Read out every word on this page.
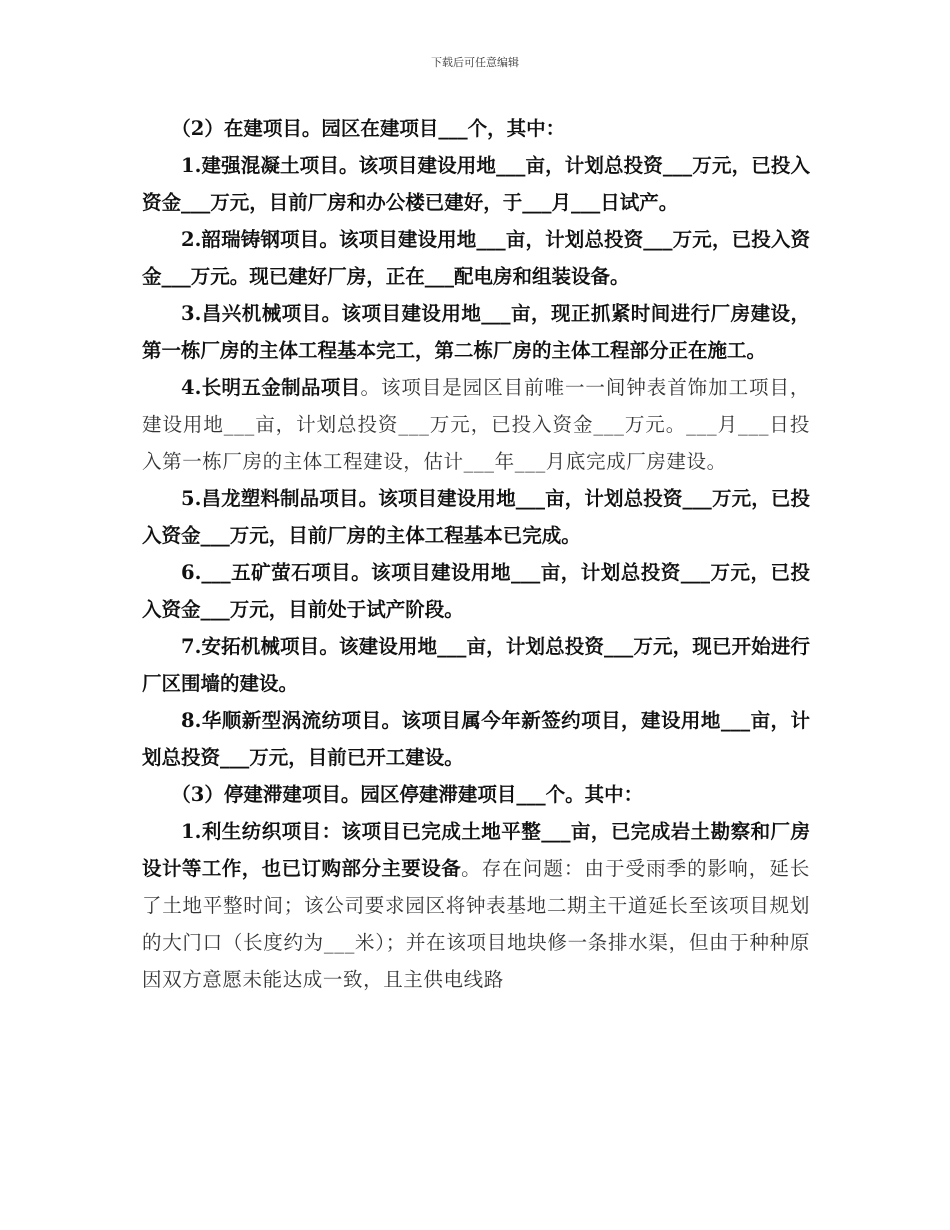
下载后可任意编辑

（2）在建项目。园区在建项目___个，其中：

1.建强混凝土项目。该项目建设用地___亩，计划总投资___万元，已投入资金___万元，目前厂房和办公楼已建好，于___月___日试产。

2.韶瑞铸钢项目。该项目建设用地___亩，计划总投资___万元，已投入资金___万元。现已建好厂房，正在___配电房和组装设备。

3.昌兴机械项目。该项目建设用地___亩，现正抓紧时间进行厂房建设，第一栋厂房的主体工程基本完工，第二栋厂房的主体工程部分正在施工。

4.长明五金制品项目。该项目是园区目前唯一一间钟表首饰加工项目，建设用地___亩，计划总投资___万元，已投入资金___万元。___月___日投入第一栋厂房的主体工程建设，估计___年___月底完成厂房建设。

5.昌龙塑料制品项目。该项目建设用地___亩，计划总投资___万元，已投入资金___万元，目前厂房的主体工程基本已完成。

6.___五矿萤石项目。该项目建设用地___亩，计划总投资___万元，已投入资金___万元，目前处于试产阶段。

7.安拓机械项目。该建设用地___亩，计划总投资___万元，现已开始进行厂区围墙的建设。

8.华顺新型涡流纺项目。该项目属今年新签约项目，建设用地___亩，计划总投资___万元，目前已开工建设。

（3）停建滞建项目。园区停建滞建项目___个。其中：

1.利生纺织项目：该项目已完成土地平整___亩，已完成岩土勘察和厂房设计等工作，也已订购部分主要设备。存在问题：由于受雨季的影响，延长了土地平整时间；该公司要求园区将钟表基地二期主干道延长至该项目规划的大门口（长度约为___米）；并在该项目地块修一条排水渠，但由于种种原因双方意愿未能达成一致，且主供电线路
